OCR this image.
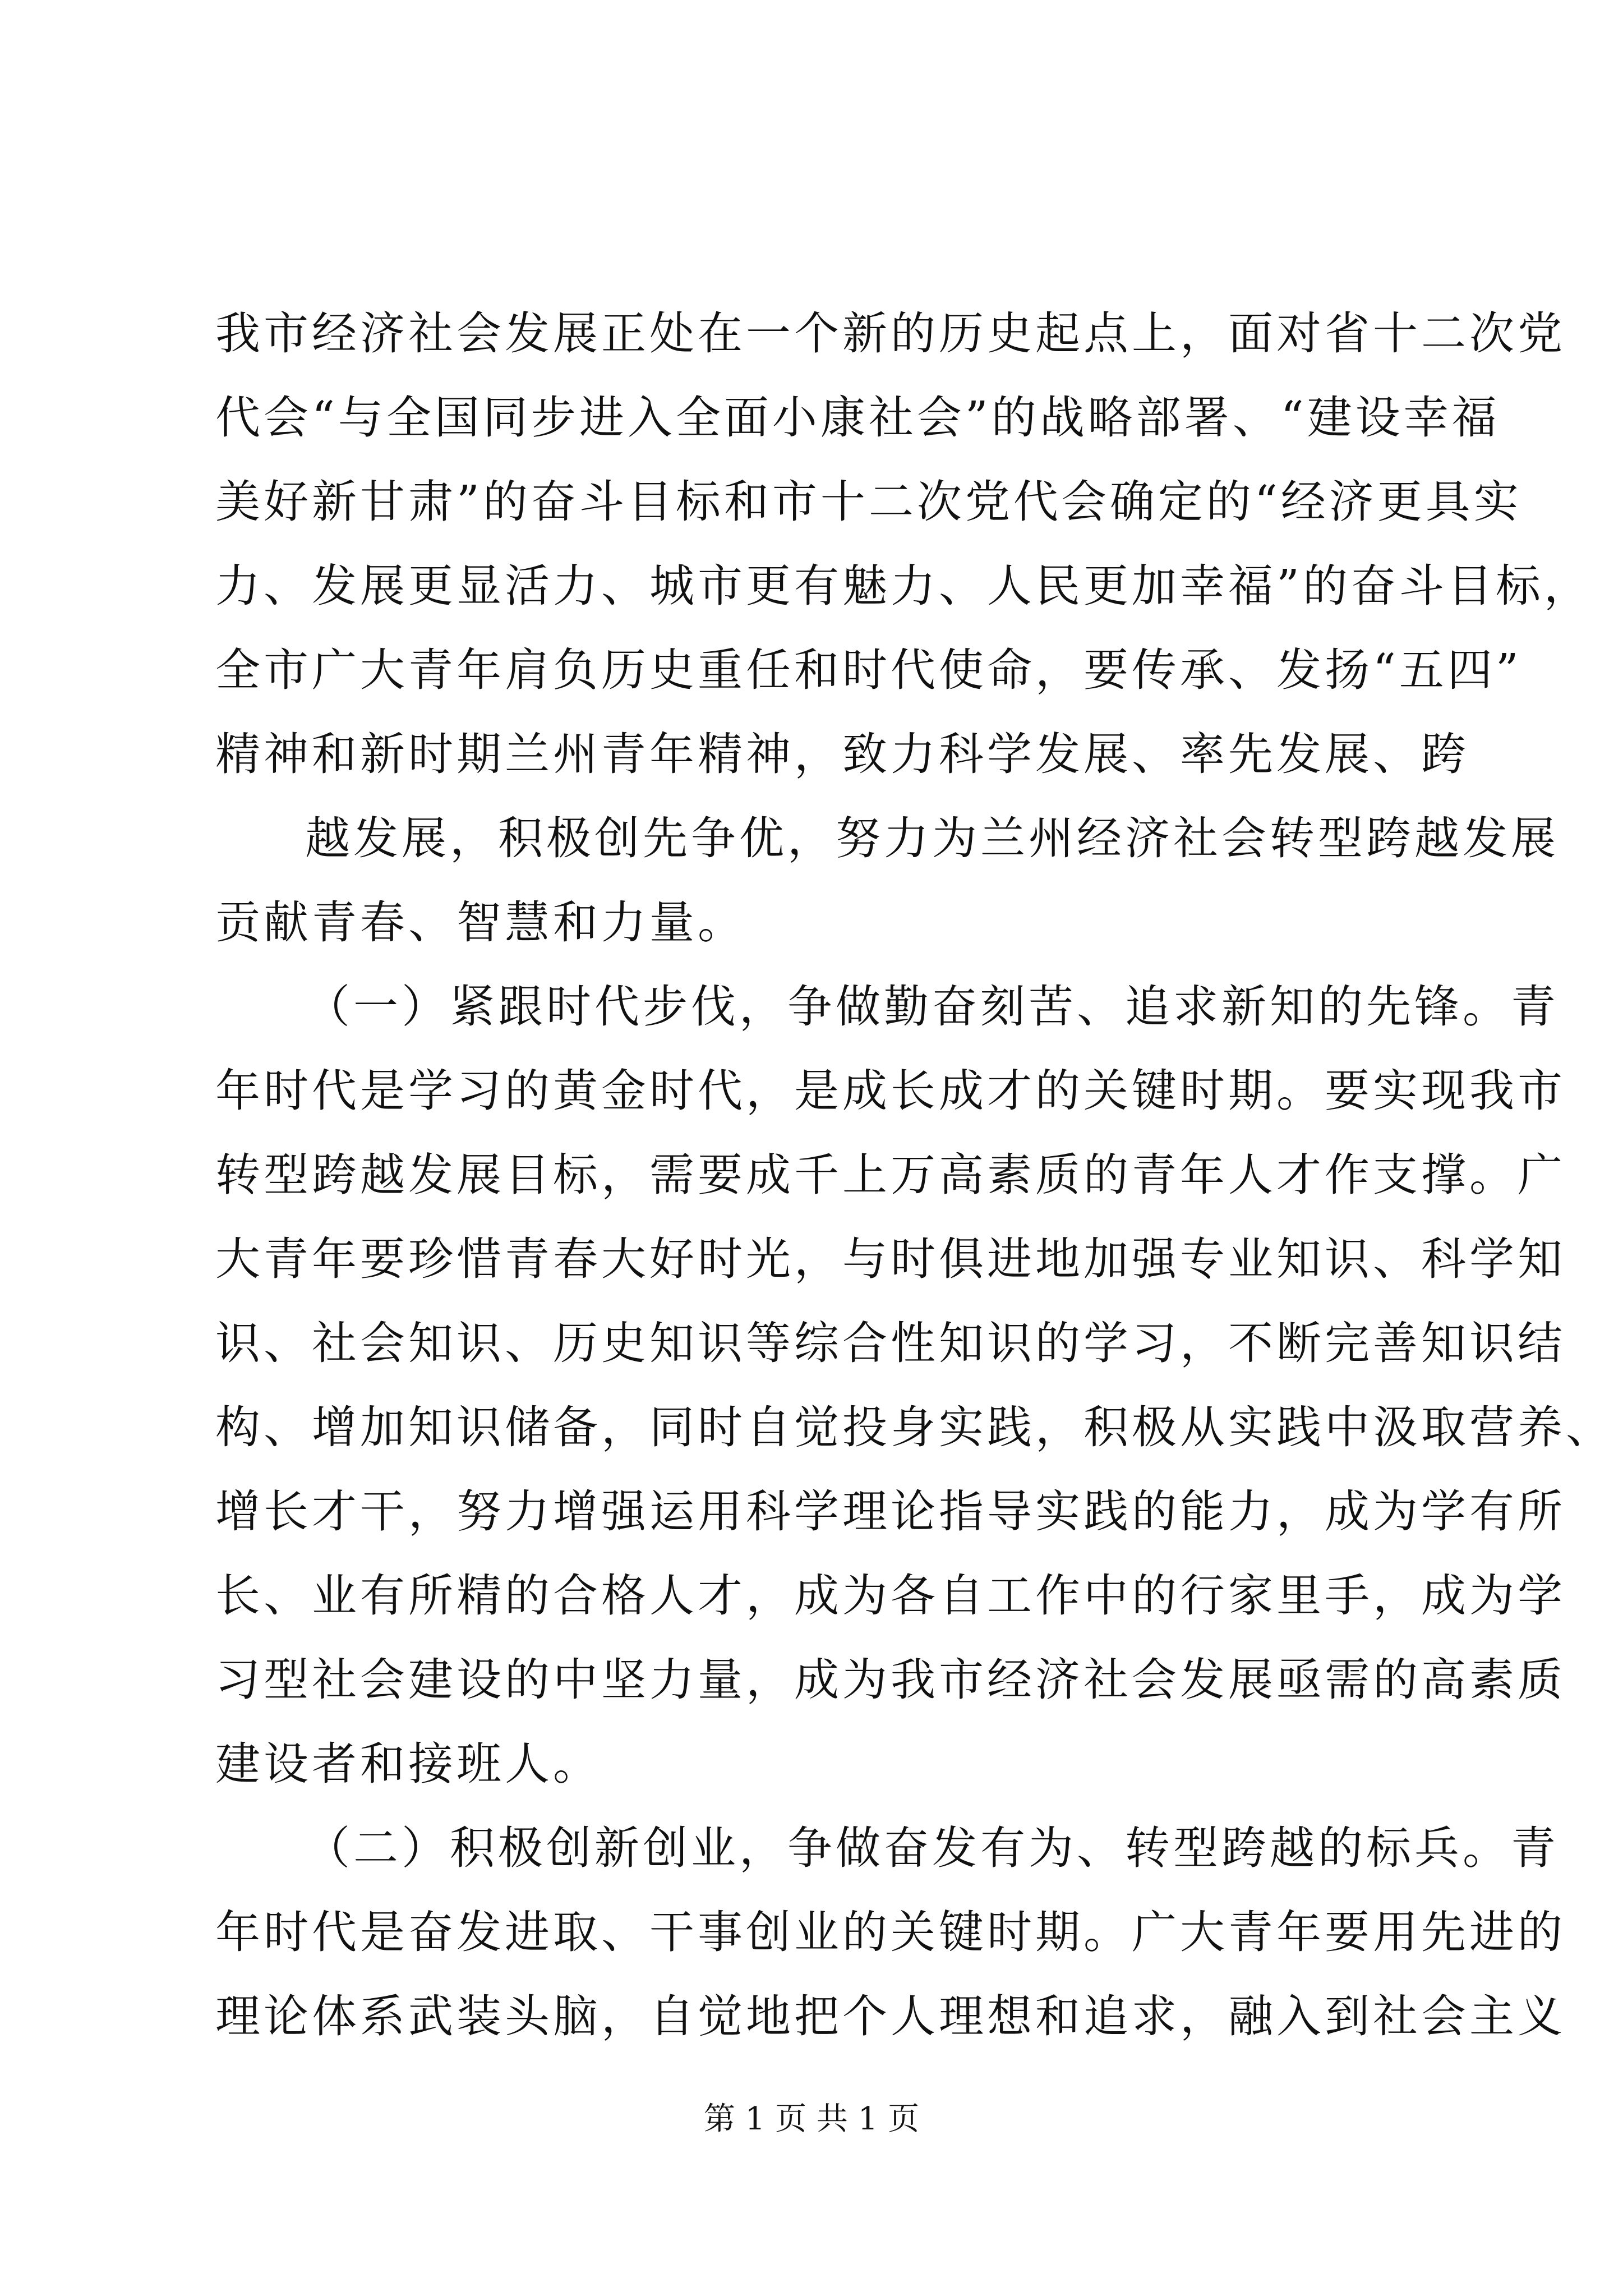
我市经济社会发展正处在一个新的历史起点上，面对省十二次党
代会“与全国同步进入全面小康社会”的战略部署、“建设幸福
美好新甘肃”的奋斗目标和市十二次党代会确定的“经济更具实
力、发展更显活力、城市更有魅力、人民更加幸福”的奋斗目标，
全市广大青年肩负历史重任和时代使命，要传承、发扬“五四”
精神和新时期兰州青年精神，致力科学发展、率先发展、跨
越发展，积极创先争优，努力为兰州经济社会转型跨越发展
贡献青春、智慧和力量。
（一）紧跟时代步伐，争做勤奋刻苦、追求新知的先锋。青
年时代是学习的黄金时代，是成长成才的关键时期。要实现我市
转型跨越发展目标，需要成千上万高素质的青年人才作支撑。广
大青年要珍惜青春大好时光，与时俱进地加强专业知识、科学知
识、社会知识、历史知识等综合性知识的学习，不断完善知识结
构、增加知识储备，同时自觉投身实践，积极从实践中汲取营养、
增长才干，努力增强运用科学理论指导实践的能力，成为学有所
长、业有所精的合格人才，成为各自工作中的行家里手，成为学
习型社会建设的中坚力量，成为我市经济社会发展亟需的高素质
建设者和接班人。
（二）积极创新创业，争做奋发有为、转型跨越的标兵。青
年时代是奋发进取、干事创业的关键时期。广大青年要用先进的
理论体系武装头脑，自觉地把个人理想和追求，融入到社会主义
第 1 页 共 1 页
